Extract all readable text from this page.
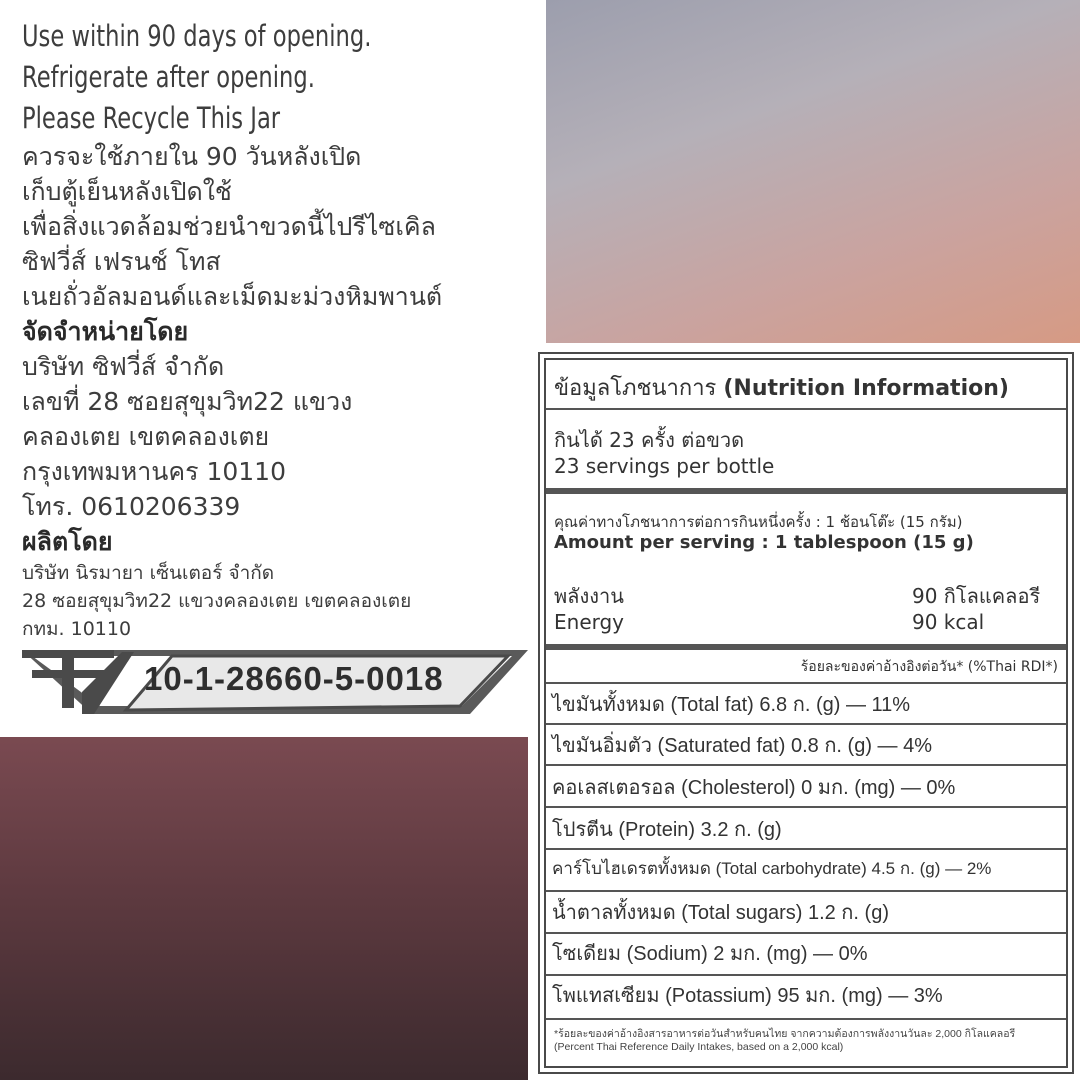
Use within 90 days of opening.
Refrigerate after opening.
Please Recycle This Jar
ควรจะใช้ภายใน 90 วันหลังเปิด
เก็บตู้เย็นหลังเปิดใช้
เพื่อสิ่งแวดล้อมช่วยนำขวดนี้ไปรีไซเคิล
ซิฟวี่ส์ เฟรนช์ โทส
เนยถั่วอัลมอนด์และเม็ดมะม่วงหิมพานต์
จัดจำหน่ายโดย
บริษัท ซิฟวี่ส์ จำกัด
เลขที่ 28 ซอยสุขุมวิท22 แขวง
คลองเตย เขตคลองเตย
กรุงเทพมหานคร 10110
โทร. 0610206339
ผลิตโดย
บริษัท นิรมายา เซ็นเตอร์ จำกัด
28 ซอยสุขุมวิท22 แขวงคลองเตย เขตคลองเตย
กทม. 10110
10-1-28660-5-0018
ข้อมูลโภชนาการ (Nutrition Information)
กินได้ 23 ครั้ง ต่อขวด
23 servings per bottle
คุณค่าทางโภชนาการต่อการกินหนึ่งครั้ง : 1 ช้อนโต๊ะ (15 กรัม)
Amount per serving : 1 tablespoon (15 g)
พลังงาน
Energy
90 กิโลแคลอรี
90 kcal
ร้อยละของค่าอ้างอิงต่อวัน* (%Thai RDI*)
ไขมันทั้งหมด (Total fat) 6.8 ก. (g) — 11%
ไขมันอิ่มตัว (Saturated fat) 0.8 ก. (g) — 4%
คอเลสเตอรอล (Cholesterol) 0 มก. (mg) — 0%
โปรตีน (Protein) 3.2 ก. (g)
คาร์โบไฮเดรตทั้งหมด (Total carbohydrate) 4.5 ก. (g) — 2%
น้ำตาลทั้งหมด (Total sugars) 1.2 ก. (g)
โซเดียม (Sodium) 2 มก. (mg) — 0%
โพแทสเซียม (Potassium) 95 มก. (mg) — 3%
*ร้อยละของค่าอ้างอิงสารอาหารต่อวันสำหรับคนไทย จากความต้องการพลังงานวันละ 2,000 กิโลแคลอรี
(Percent Thai Reference Daily Intakes, based on a 2,000 kcal)
